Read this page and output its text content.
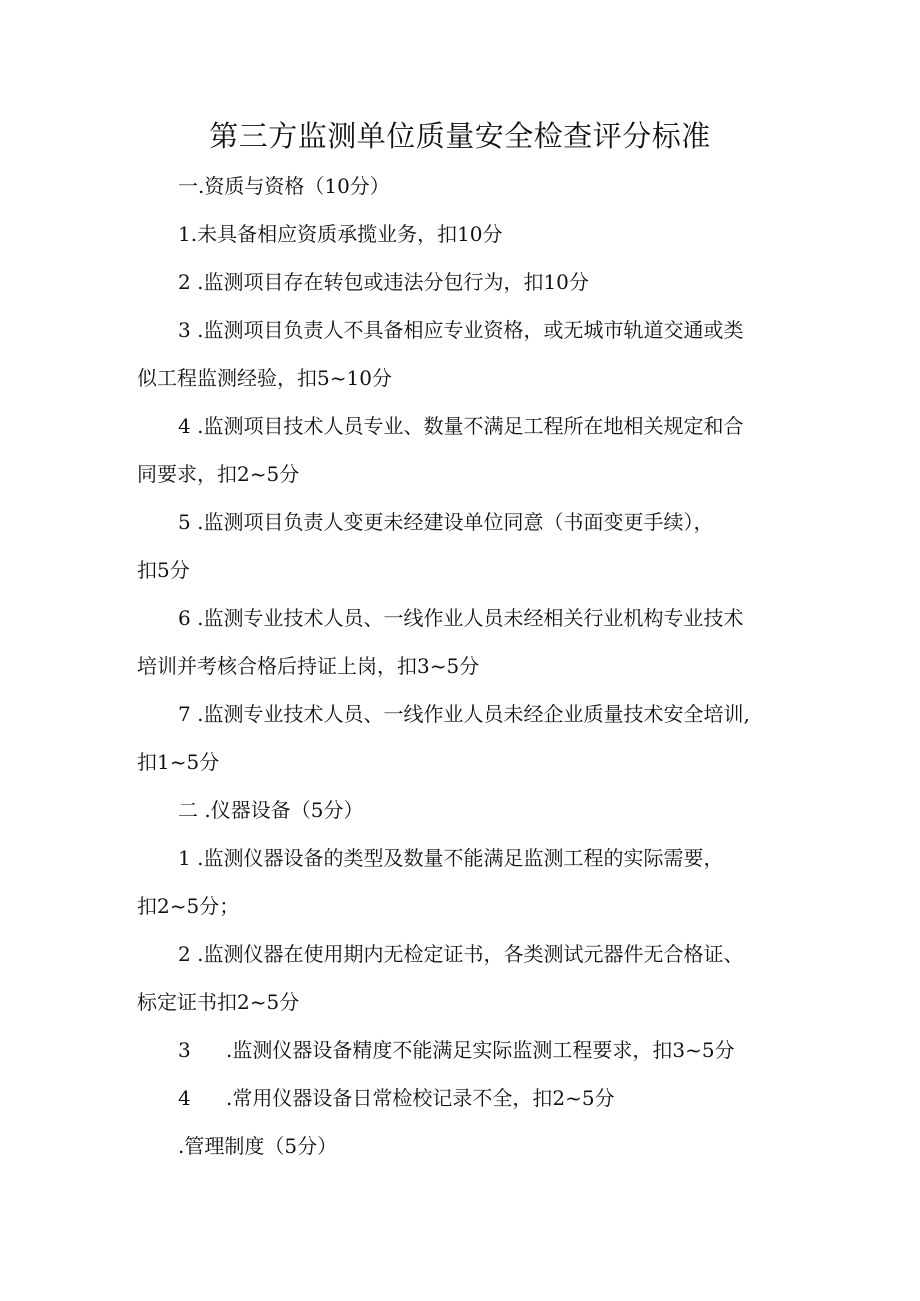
第三方监测单位质量安全检查评分标准

一.资质与资格（10分）

1.未具备相应资质承揽业务，扣10分

2 .监测项目存在转包或违法分包行为，扣10分

3 .监测项目负责人不具备相应专业资格，或无城市轨道交通或类

似工程监测经验，扣5~10分

4 .监测项目技术人员专业、数量不满足工程所在地相关规定和合

同要求，扣2~5分

5 .监测项目负责人变更未经建设单位同意（书面变更手续），

扣5分

6 .监测专业技术人员、一线作业人员未经相关行业机构专业技术

培训并考核合格后持证上岗，扣3~5分

7 .监测专业技术人员、一线作业人员未经企业质量技术安全培训,

扣1~5分

二 .仪器设备（5分）

1 .监测仪器设备的类型及数量不能满足监测工程的实际需要，

扣2~5分；

2 .监测仪器在使用期内无检定证书，各类测试元器件无合格证、

标定证书扣2~5分

3 .监测仪器设备精度不能满足实际监测工程要求，扣3~5分

4 .常用仪器设备日常检校记录不全，扣2~5分

.管理制度（5分）
